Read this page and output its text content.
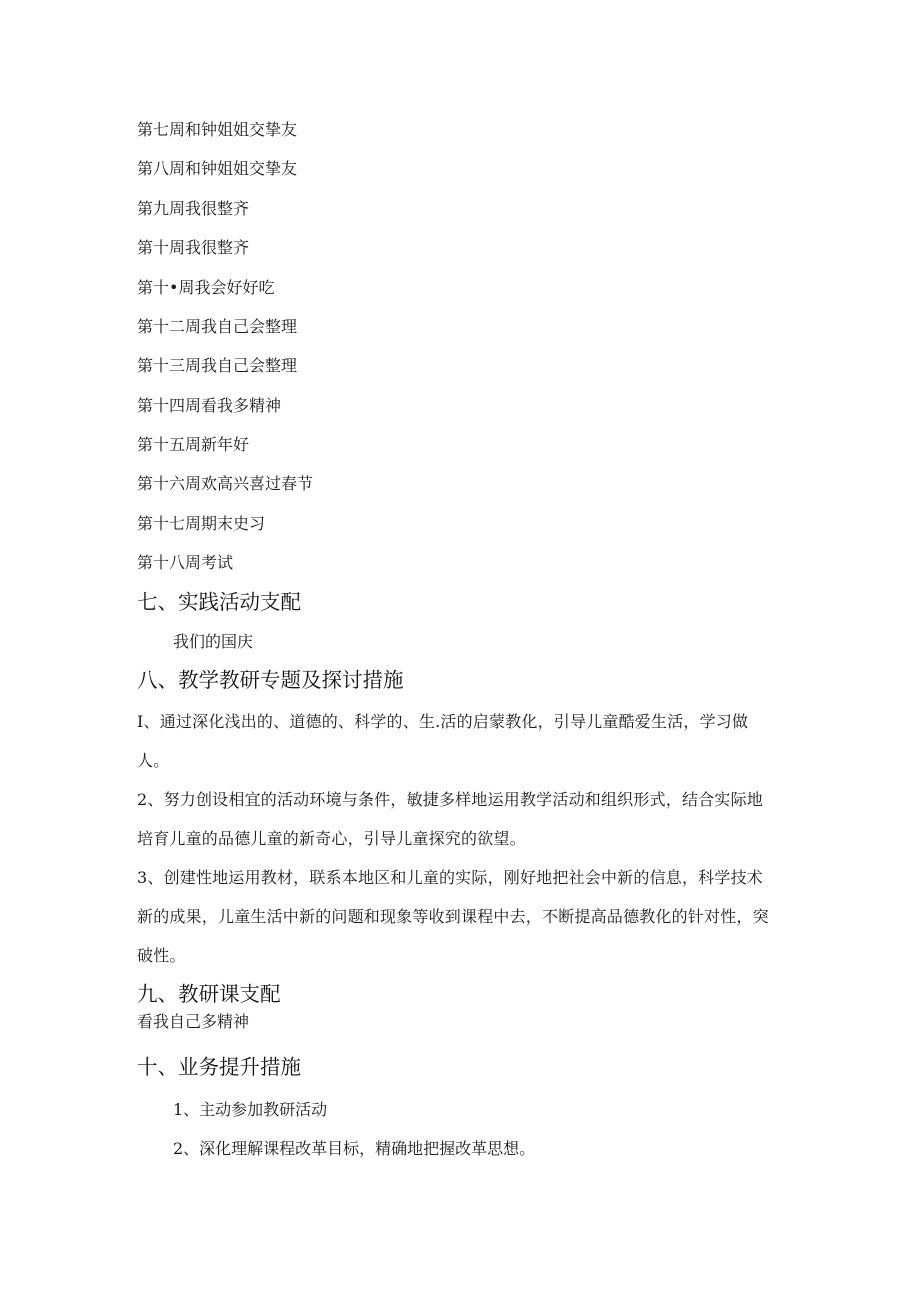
第七周和钟姐姐交挚友
第八周和钟姐姐交挚友
第九周我很整齐
第十周我很整齐
第十•周我会好好吃
第十二周我自己会整理
第十三周我自己会整理
第十四周看我多精神
第十五周新年好
第十六周欢高兴喜过春节
第十七周期末史习
第十八周考试
七、实践活动支配
我们的国庆
八、教学教研专题及探讨措施
I、通过深化浅出的、道德的、科学的、生.活的启蒙教化，引导儿童酷爱生活，学习做人。
2、努力创设相宜的活动环境与条件，敏捷多样地运用教学活动和组织形式，结合实际地培育儿童的品德儿童的新奇心，引导儿童探究的欲望。
3、创建性地运用教材，联系本地区和儿童的实际，刚好地把社会中新的信息，科学技术新的成果，儿童生活中新的问题和现象等收到课程中去，不断提高品德教化的针对性，突破性。
九、教研课支配
看我自己多精神
十、业务提升措施
1、主动参加教研活动
2、深化理解课程改革目标，精确地把握改革思想。
